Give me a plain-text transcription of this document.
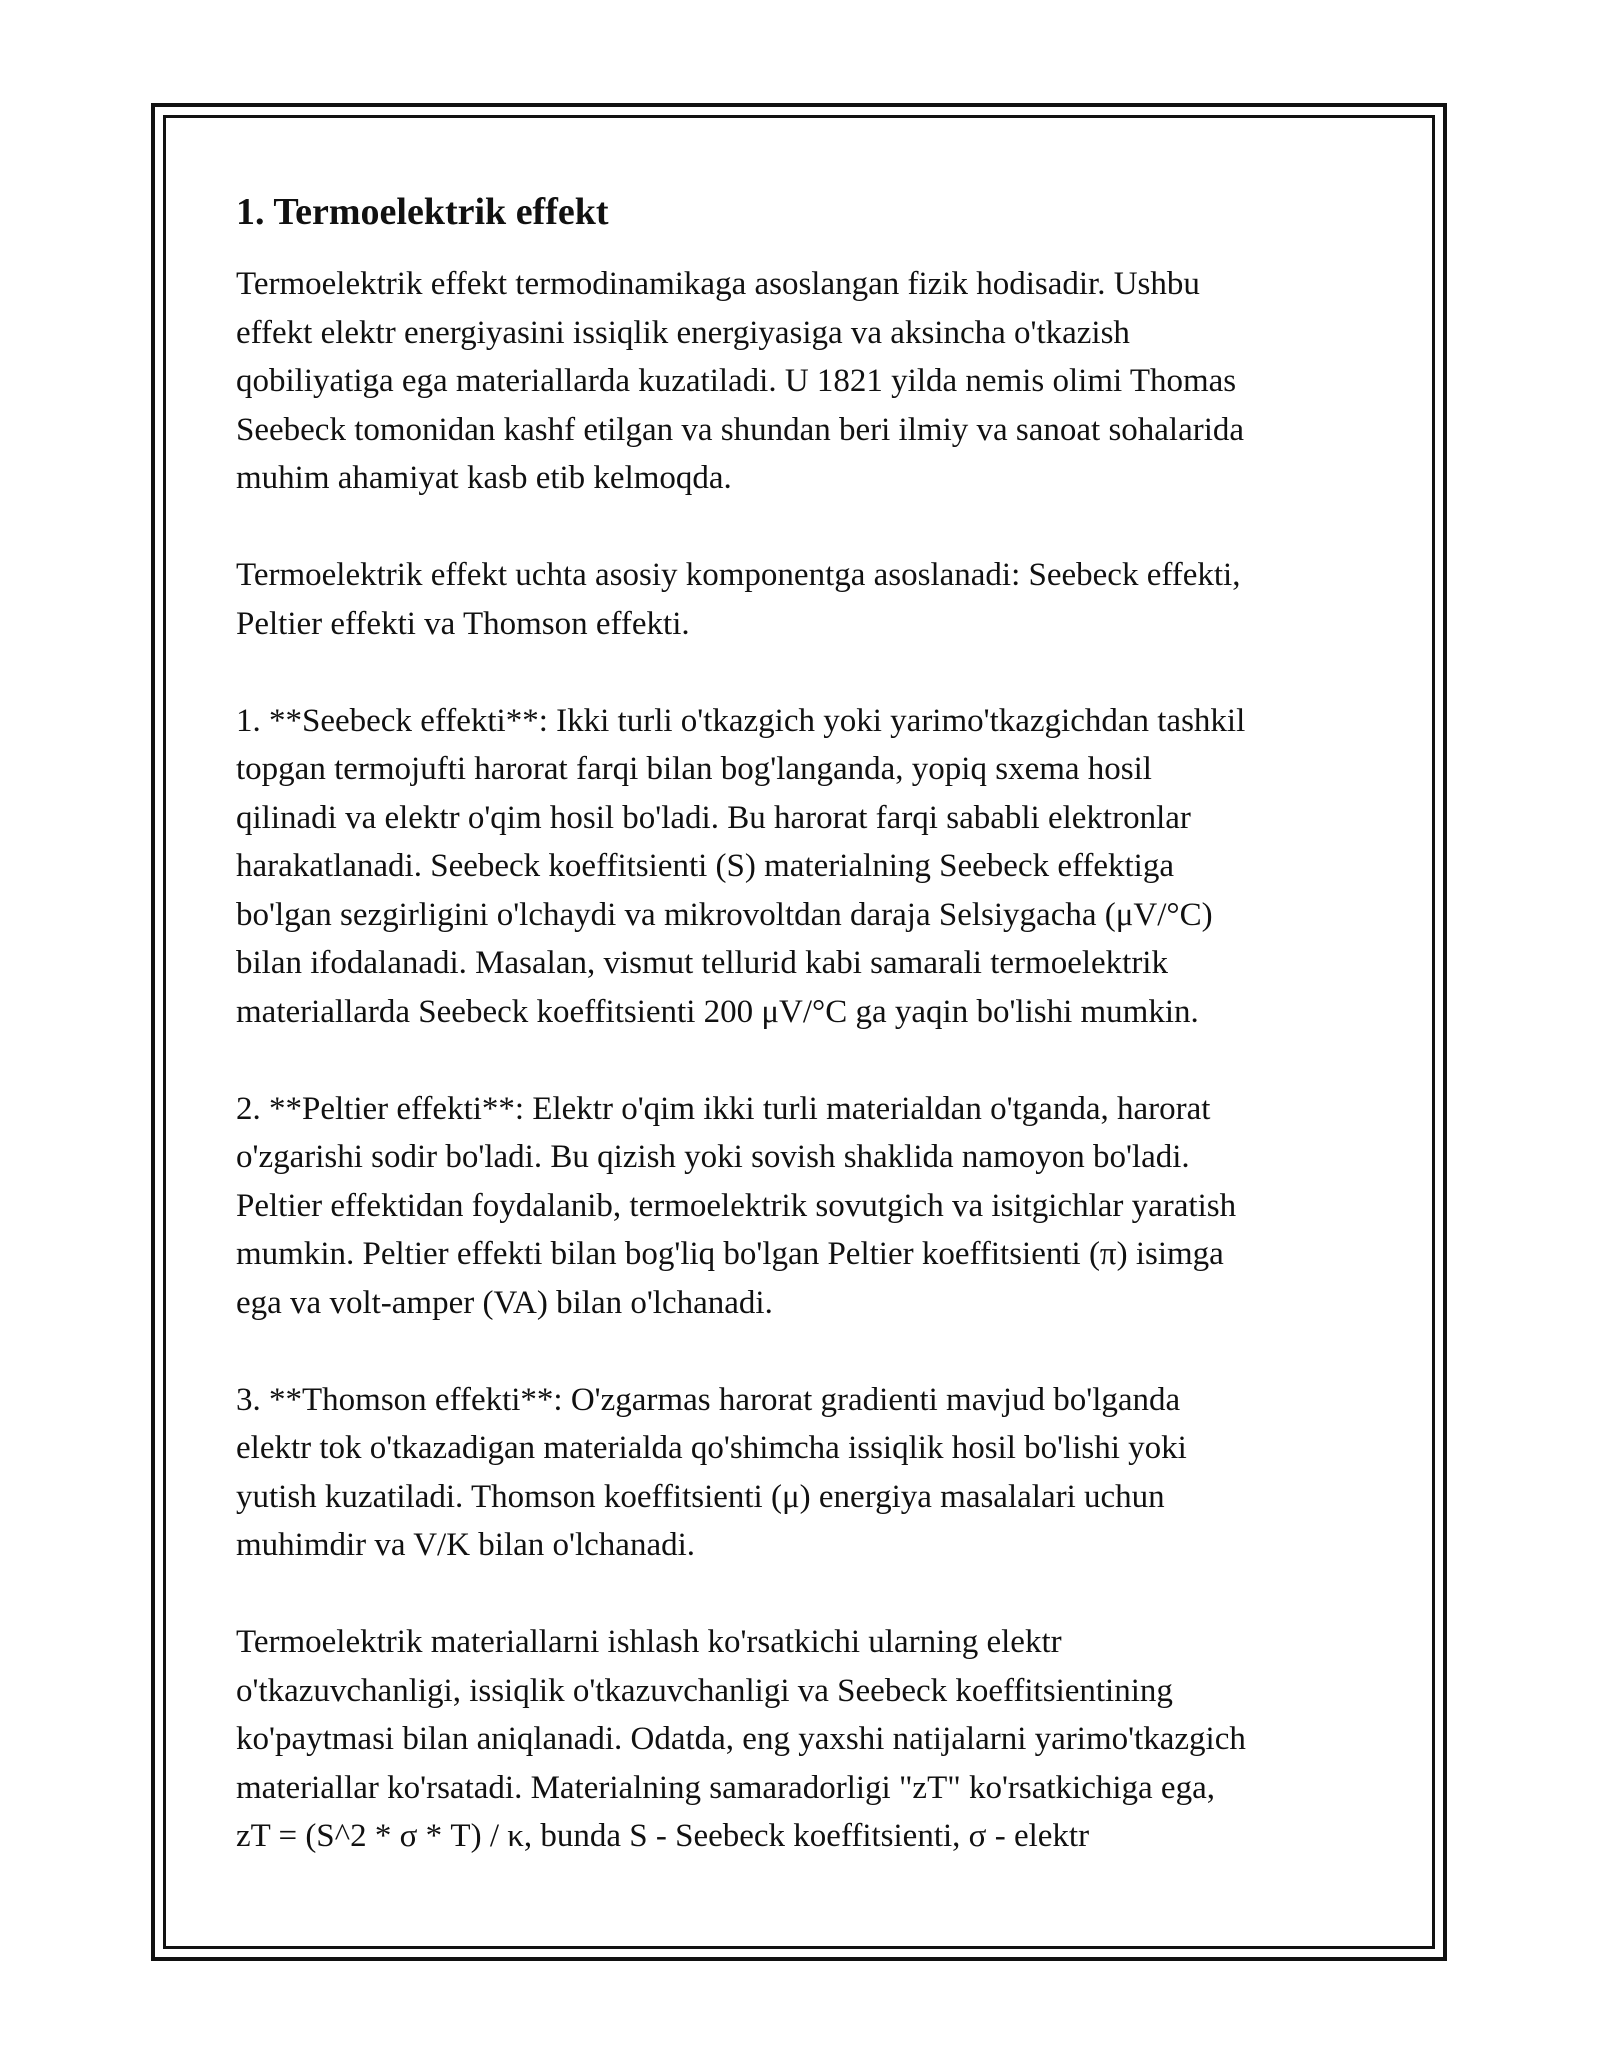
1. Termoelektrik effekt

Termoelektrik effekt termodinamikaga asoslangan fizik hodisadir. Ushbu
effekt elektr energiyasini issiqlik energiyasiga va aksincha o'tkazish
qobiliyatiga ega materiallarda kuzatiladi. U 1821 yilda nemis olimi Thomas
Seebeck tomonidan kashf etilgan va shundan beri ilmiy va sanoat sohalarida
muhim ahamiyat kasb etib kelmoqda.

Termoelektrik effekt uchta asosiy komponentga asoslanadi: Seebeck effekti,
Peltier effekti va Thomson effekti.

1. **Seebeck effekti**: Ikki turli o'tkazgich yoki yarimo'tkazgichdan tashkil
topgan termojufti harorat farqi bilan bog'langanda, yopiq sxema hosil
qilinadi va elektr o'qim hosil bo'ladi. Bu harorat farqi sababli elektronlar
harakatlanadi. Seebeck koeffitsienti (S) materialning Seebeck effektiga
bo'lgan sezgirligini o'lchaydi va mikrovoltdan daraja Selsiygacha (μV/°C)
bilan ifodalanadi. Masalan, vismut tellurid kabi samarali termoelektrik
materiallarda Seebeck koeffitsienti 200 μV/°C ga yaqin bo'lishi mumkin.

2. **Peltier effekti**: Elektr o'qim ikki turli materialdan o'tganda, harorat
o'zgarishi sodir bo'ladi. Bu qizish yoki sovish shaklida namoyon bo'ladi.
Peltier effektidan foydalanib, termoelektrik sovutgich va isitgichlar yaratish
mumkin. Peltier effekti bilan bog'liq bo'lgan Peltier koeffitsienti (π) isimga
ega va volt-amper (VA) bilan o'lchanadi.

3. **Thomson effekti**: O'zgarmas harorat gradienti mavjud bo'lganda
elektr tok o'tkazadigan materialda qo'shimcha issiqlik hosil bo'lishi yoki
yutish kuzatiladi. Thomson koeffitsienti (μ) energiya masalalari uchun
muhimdir va V/K bilan o'lchanadi.

Termoelektrik materiallarni ishlash ko'rsatkichi ularning elektr
o'tkazuvchanligi, issiqlik o'tkazuvchanligi va Seebeck koeffitsientining
ko'paytmasi bilan aniqlanadi. Odatda, eng yaxshi natijalarni yarimo'tkazgich
materiallar ko'rsatadi. Materialning samaradorligi "zT" ko'rsatkichiga ega,
zT = (S^2 * σ * T) / κ, bunda S - Seebeck koeffitsienti, σ - elektr
